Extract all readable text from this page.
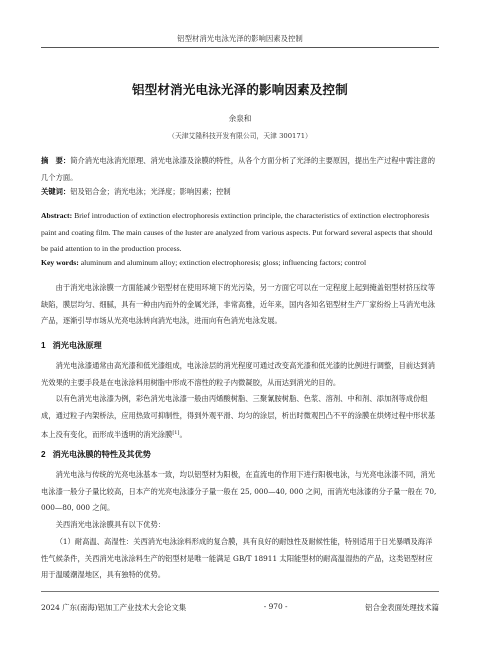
铝型材消光电泳光泽的影响因素及控制
铝型材消光电泳光泽的影响因素及控制
余泉和
（天津艾隆科技开发有限公司，天津 300171）
摘　要：简介消光电泳消光原理、消光电泳漆及涂膜的特性，从各个方面分析了光泽的主要原因，提出生产过程中需注意的几个方面。
关键词：铝及铝合金；消光电泳；光泽度；影响因素；控制
Abstract: Brief introduction of extinction electrophoresis extinction principle, the characteristics of extinction electrophoresis paint and coating film. The main causes of the luster are analyzed from various aspects. Put forward several aspects that should be paid attention to in the production process.
Key words: aluminum and aluminum alloy; extinction electrophoresis; gloss; influencing factors; control

由于消光电泳涂膜一方面能减少铝型材在使用环境下的光污染，另一方面它可以在一定程度上起到掩盖铝型材挤压纹等缺陷，膜层均匀、细腻，具有一种由内而外的金属光泽，非常高雅，近年来，国内各知名铝型材生产厂家纷纷上马消光电泳产品，逐渐引导市场从光亮电泳转向消光电泳，进而向有色消光电泳发展。

1 消光电泳原理

消光电泳漆通常由高光漆和低光漆组成，电泳涂层的消光程度可通过改变高光漆和低光漆的比例进行调整，目前达到消光效果的主要手段是在电泳涂料用树脂中形成不溶性的粒子内微凝胶，从而达到消光的目的。

以有色消光电泳漆为例，彩色消光电泳漆一般由丙烯酸树脂、三聚氰胺树脂、色浆、溶剂、中和剂、添加剂等成份组成，通过粒子内架桥法，应用热致可抑制性，得到外观平滑、均匀的涂层，析出时微观凹凸不平的涂膜在烘烤过程中形状基本上没有变化，而形成半透明的消光涂膜[1]。

2 消光电泳膜的特性及其优势

消光电泳与传统的光亮电泳基本一致，均以铝型材为阳极，在直流电的作用下进行阳极电泳，与光亮电泳漆不同，消光电泳漆一般分子量比较高，日本产的光亮电泳漆分子量一般在 25, 000—40, 000 之间，而消光电泳漆的分子量一般在 70, 000—80, 000 之间。

关西消光电泳涂膜具有以下优势：

（1）耐高温、高湿性：关西消光电泳涂料形成的复合膜，具有良好的耐蚀性及耐候性能，特别适用于日光暴晒及海洋性气候条件，关西消光电泳涂料生产的铝型材是唯一能满足 GB/T 18911 太阳能型材的耐高温湿热的产品，这类铝型材应用于温暖潮湿地区，具有独特的优势。

2024 广东(南海)铝加工产业技术大会论文集	- 970 -	铝合金表面处理技术篇
